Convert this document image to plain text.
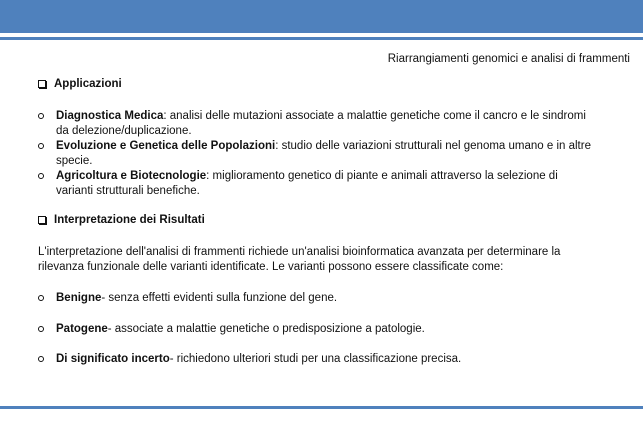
Riarrangiamenti genomici e analisi di frammenti
Applicazioni
Diagnostica Medica: analisi delle mutazioni associate a malattie genetiche come il cancro e le sindromi da delezione/duplicazione.
Evoluzione e Genetica delle Popolazioni: studio delle variazioni strutturali nel genoma umano e in altre specie.
Agricoltura e Biotecnologie: miglioramento genetico di piante e animali attraverso la selezione di varianti strutturali benefiche.
Interpretazione dei Risultati
L'interpretazione dell'analisi di frammenti richiede un'analisi bioinformatica avanzata per determinare la rilevanza funzionale delle varianti identificate. Le varianti possono essere classificate come:
Benigne- senza effetti evidenti sulla funzione del gene.
Patogene- associate a malattie genetiche o predisposizione a patologie.
Di significato incerto- richiedono ulteriori studi per una classificazione precisa.
